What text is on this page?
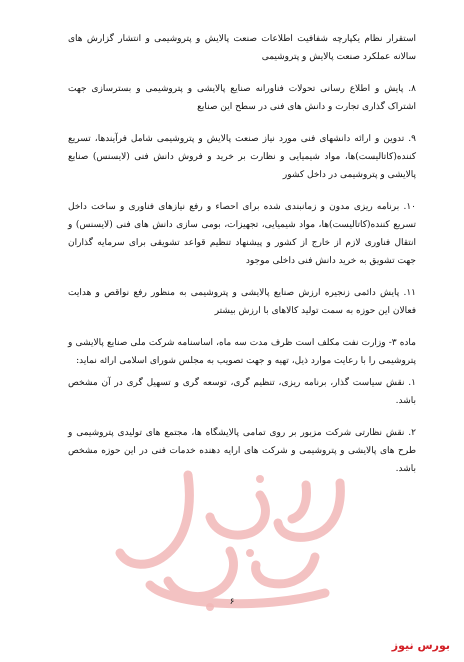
استقرار نظام یکپارچه شفافیت اطلاعات صنعت پالایش و پتروشیمی و انتشار گزارش های سالانه عملکرد صنعت پالایش و پتروشیمی

۸. پایش و اطلاع رسانی تحولات فناورانه صنایع پالایشی و پتروشیمی و بسترسازی جهت اشتراک گذاری تجارت و دانش های فنی در سطح این صنایع

۹. تدوین و ارائه دانشهای فنی مورد نیاز صنعت پالایش و پتروشیمی شامل فرآیندها، تسریع کننده(کاتالیست)ها، مواد شیمیایی و نظارت بر خرید و فروش دانش فنی (لایسنس) صنایع پالایشی و پتروشیمی در داخل کشور

۱۰. برنامه ریزی مدون و زمانبندی شده برای احصاء و رفع نیازهای فناوری و ساخت داخل تسریع کننده(کاتالیست)ها، مواد شیمیایی، تجهیزات، بومی سازی دانش های فنی (لایسنس) و انتقال فناوری لازم از خارج از کشور و پیشنهاد تنظیم قواعد تشویقی برای سرمایه گذاران جهت تشویق به خرید دانش فنی داخلی موجود

۱۱. پایش دائمی زنجیره ارزش صنایع پالایشی و پتروشیمی به منظور رفع نواقص و هدایت فعالان این حوزه به سمت تولید کالاهای با ارزش بیشتر

ماده ۳- وزارت نفت مکلف است ظرف مدت سه ماه، اساسنامه شرکت ملی صنایع پالایشی و پتروشیمی را با رعایت موارد ذیل، تهیه و جهت تصویب به مجلس شورای اسلامی ارائه نماید:

۱. نقش سیاست گذار، برنامه ریزی، تنظیم گری، توسعه گری و تسهیل گری در آن مشخص باشد.

۲. نقش نظارتی شرکت مزبور بر روی تمامی پالایشگاه ها، مجتمع های تولیدی پتروشیمی و طرح های پالایشی و پتروشیمی و شرکت های ارایه دهنده خدمات فنی در این حوزه مشخص باشد.

۶
بورس نیوز
